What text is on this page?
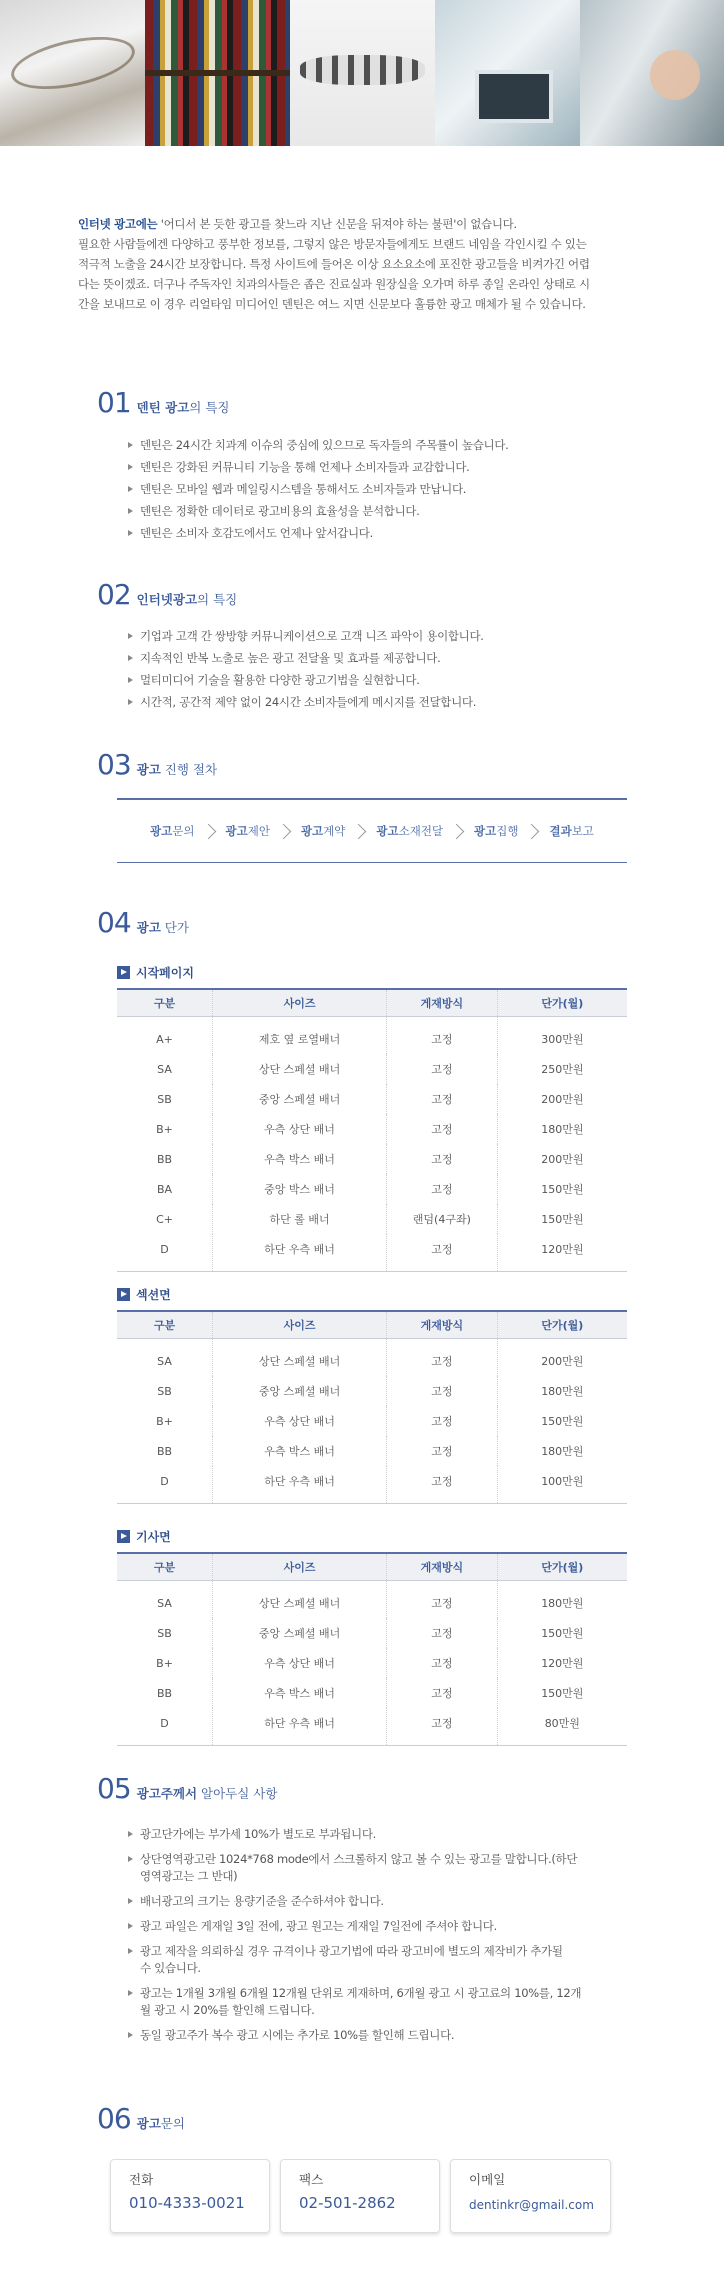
인터넷 광고에는 '어디서 본 듯한 광고를 찾느라 지난 신문을 뒤져야 하는 불편'이 없습니다.

필요한 사람들에겐 다양하고 풍부한 정보를, 그렇지 않은 방문자들에게도 브랜드 네임을 각인시킬 수 있는

적극적 노출을 24시간 보장합니다. 특정 사이트에 들어온 이상 요소요소에 포진한 광고들을 비켜가긴 어렵

다는 뜻이겠죠. 더구나 주독자인 치과의사들은 좁은 진료실과 원장실을 오가며 하루 종일 온라인 상태로 시

간을 보내므로 이 경우 리얼타임 미디어인 덴틴은 여느 지면 신문보다 훌륭한 광고 매체가 될 수 있습니다.

01 덴틴 광고의 특징
덴틴은 24시간 치과계 이슈의 중심에 있으므로 독자들의 주목률이 높습니다.
덴틴은 강화된 커뮤니티 기능을 통해 언제나 소비자들과 교감합니다.
덴틴은 모바일 웹과 메일링시스템을 통해서도 소비자들과 만납니다.
덴틴은 정확한 데이터로 광고비용의 효율성을 분석합니다.
덴틴은 소비자 호감도에서도 언제나 앞서갑니다.
02 인터넷광고의 특징
기업과 고객 간 쌍방향 커뮤니케이션으로 고객 니즈 파악이 용이합니다.
지속적인 반복 노출로 높은 광고 전달율 및 효과를 제공합니다.
멀티미디어 기술을 활용한 다양한 광고기법을 실현합니다.
시간적, 공간적 제약 없이 24시간 소비자들에게 메시지를 전달합니다.
03 광고 진행 절차
광고문의	광고제안	광고계약	광고소재전달	광고집행	결과보고
04 광고 단가
시작페이지
구분	사이즈	게재방식	단가(월)
A+	제호 옆 로열배너	고정	300만원
SA	상단 스페셜 배너	고정	250만원
SB	중앙 스페셜 배너	고정	200만원
B+	우측 상단 배너	고정	180만원
BB	우측 박스 배너	고정	200만원
BA	중앙 박스 배너	고정	150만원
C+	하단 롤 배너	랜덤(4구좌)	150만원
D	하단 우측 배너	고정	120만원
섹션면
구분	사이즈	게재방식	단가(월)
SA	상단 스페셜 배너	고정	200만원
SB	중앙 스페셜 배너	고정	180만원
B+	우측 상단 배너	고정	150만원
BB	우측 박스 배너	고정	180만원
D	하단 우측 배너	고정	100만원
기사면
구분	사이즈	게재방식	단가(월)
SA	상단 스페셜 배너	고정	180만원
SB	중앙 스페셜 배너	고정	150만원
B+	우측 상단 배너	고정	120만원
BB	우측 박스 배너	고정	150만원
D	하단 우측 배너	고정	80만원
05 광고주께서 알아두실 사항
광고단가에는 부가세 10%가 별도로 부과됩니다.
상단영역광고란 1024*768 mode에서 스크롤하지 않고 볼 수 있는 광고를 말합니다.(하단
영역광고는 그 반대)
배너광고의 크기는 용량기준을 준수하셔야 합니다.
광고 파일은 게재일 3일 전에, 광고 원고는 게재일 7일전에 주셔야 합니다.
광고 제작을 의뢰하실 경우 규격이나 광고기법에 따라 광고비에 별도의 제작비가 추가될
수 있습니다.
광고는 1개월 3개월 6개월 12개월 단위로 게재하며, 6개월 광고 시 광고료의 10%를, 12개
월 광고 시 20%를 할인해 드립니다.
동일 광고주가 복수 광고 시에는 추가로 10%를 할인해 드립니다.
06 광고문의
전화
010-4333-0021
팩스
02-501-2862
이메일
dentinkr@gmail.com
